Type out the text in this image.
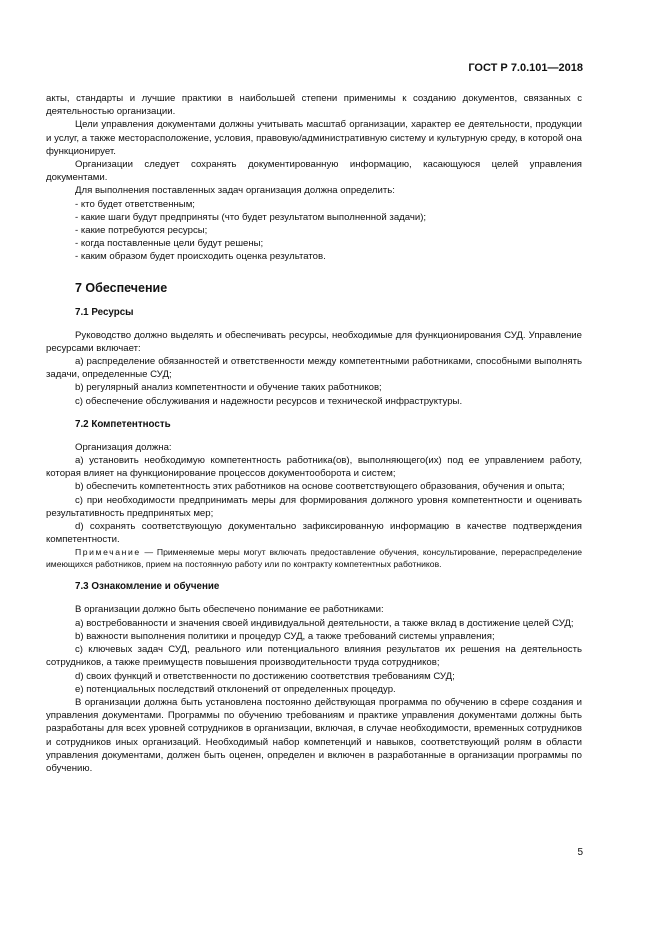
ГОСТ Р 7.0.101—2018

акты, стандарты и лучшие практики в наибольшей степени применимы к созданию документов, связанных с деятельностью организации.

Цели управления документами должны учитывать масштаб организации, характер ее деятельности, продукции и услуг, а также месторасположение, условия, правовую/административную систему и культурную среду, в которой она функционирует.

Организации следует сохранять документированную информацию, касающуюся целей управления документами.

Для выполнения поставленных задач организация должна определить:

- кто будет ответственным;

- какие шаги будут предприняты (что будет результатом выполненной задачи);

- какие потребуются ресурсы;

- когда поставленные цели будут решены;

- каким образом будет происходить оценка результатов.

7 Обеспечение
7.1 Ресурсы

Руководство должно выделять и обеспечивать ресурсы, необходимые для функционирования СУД. Управление ресурсами включает:

a) распределение обязанностей и ответственности между компетентными работниками, способными выполнять задачи, определенные СУД;

b) регулярный анализ компетентности и обучение таких работников;

c) обеспечение обслуживания и надежности ресурсов и технической инфраструктуры.

7.2 Компетентность

Организация должна:

a) установить необходимую компетентность работника(ов), выполняющего(их) под ее управлением работу, которая влияет на функционирование процессов документооборота и систем;

b) обеспечить компетентность этих работников на основе соответствующего образования, обучения и опыта;

c) при необходимости предпринимать меры для формирования должного уровня компетентности и оценивать результативность предпринятых мер;

d) сохранять соответствующую документально зафиксированную информацию в качестве подтверждения компетентности.

Примечание — Применяемые меры могут включать предоставление обучения, консультирование, перераспределение имеющихся работников, прием на постоянную работу или по контракту компетентных работников.

7.3 Ознакомление и обучение

В организации должно быть обеспечено понимание ее работниками:

a) востребованности и значения своей индивидуальной деятельности, а также вклад в достижение целей СУД;

b) важности выполнения политики и процедур СУД, а также требований системы управления;

c) ключевых задач СУД, реального или потенциального влияния результатов их решения на деятельность сотрудников, а также преимуществ повышения производительности труда сотрудников;

d) своих функций и ответственности по достижению соответствия требованиям СУД;

e) потенциальных последствий отклонений от определенных процедур.

В организации должна быть установлена постоянно действующая программа по обучению в сфере создания и управления документами. Программы по обучению требованиям и практике управления документами должны быть разработаны для всех уровней сотрудников в организации, включая, в случае необходимости, временных сотрудников и сотрудников иных организаций. Необходимый набор компетенций и навыков, соответствующий ролям в области управления документами, должен быть оценен, определен и включен в разработанные в организации программы по обучению.

5
